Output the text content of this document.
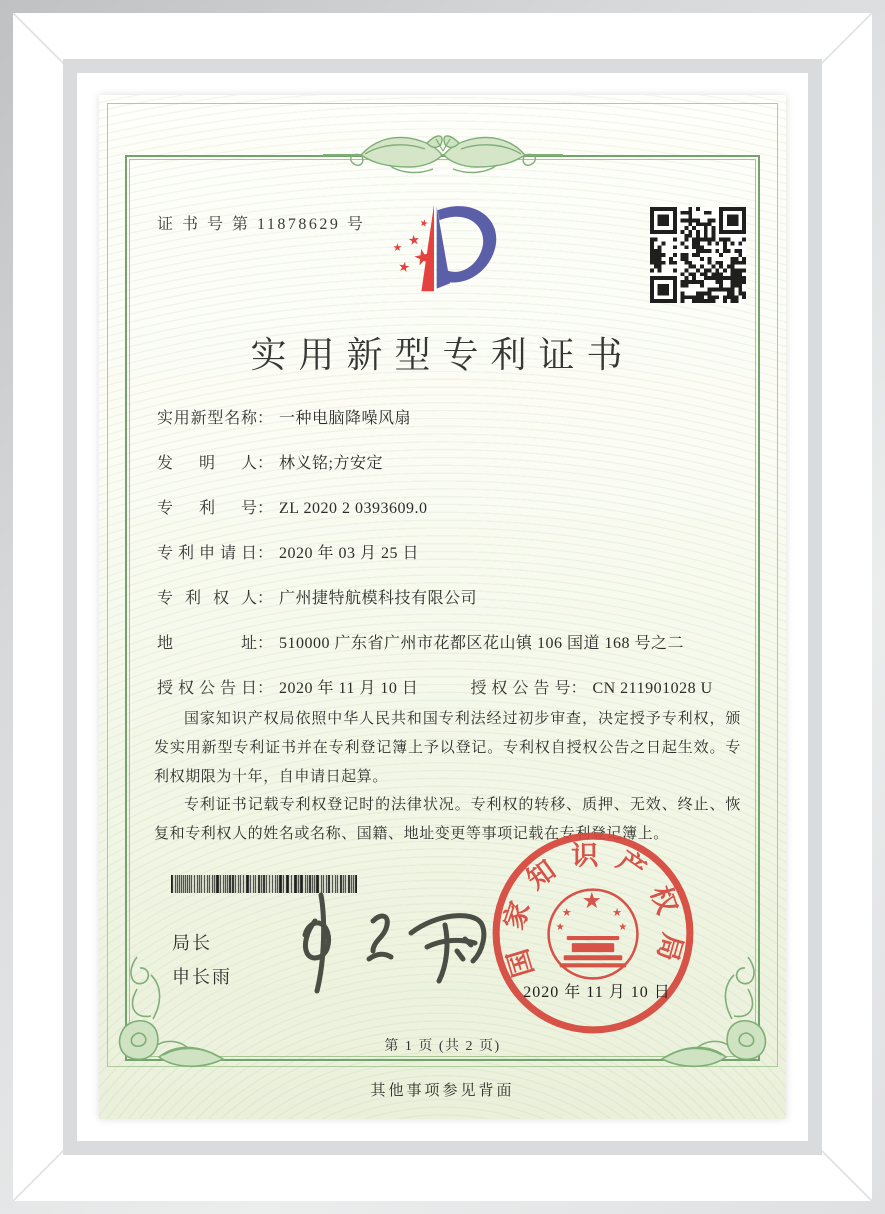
证 书 号 第 11878629 号
★
★
★
★
★
实用新型专利证书
实用新型名称 ： 一种电脑降噪风扇
发明人 ： 林义铭;方安定
专利号 ： ZL 2020 2 0393609.0
专利申请日 ： 2020 年 03 月 25 日
专利权人 ： 广州捷特航模科技有限公司
地址 ： 510000 广东省广州市花都区花山镇 106 国道 168 号之二
授权公告日 ： 2020 年 11 月 10 日	授权公告号 ： CN 211901028 U

国家知识产权局依照中华人民共和国专利法经过初步审查，决定授予专利权，颁发实用新型专利证书并在专利登记簿上予以登记。专利权自授权公告之日起生效。专利权期限为十年，自申请日起算。

专利证书记载专利权登记时的法律状况。专利权的转移、质押、无效、终止、恢复和专利权人的姓名或名称、国籍、地址变更等事项记载在专利登记簿上。

局长
申长雨	国家知识产权局
★
★	★
★	★
2020 年 11 月 10 日
第 1 页 (共 2 页)
其他事项参见背面
